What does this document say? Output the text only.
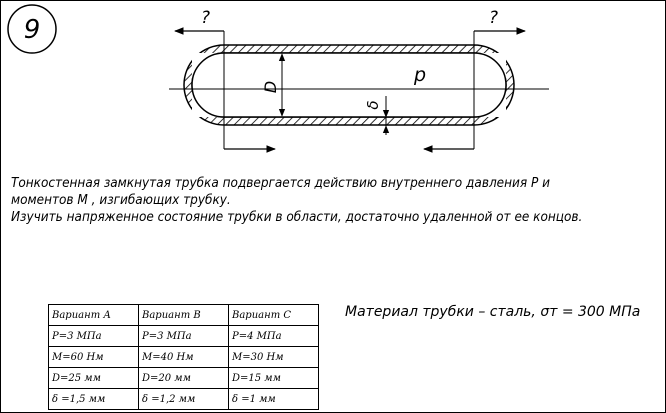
9	?	?
D
p
δ
Тонкостенная замкнутая трубка подвергается действию внутреннего давления P и
моментов M , изгибающих трубку.
Изучить напряженное состояние трубки в области, достаточно удаленной от ее концов.
Вариант А	Вариант B	Вариант C
P=3 МПа	P=3 МПа	P=4 МПа
M=60 Нм	M=40 Нм	M=30 Нм
D=25 мм	D=20 мм	D=15 мм
δ =1,5 мм	δ =1,2 мм	δ =1 мм
Материал трубки – сталь, σт = 300 МПа
